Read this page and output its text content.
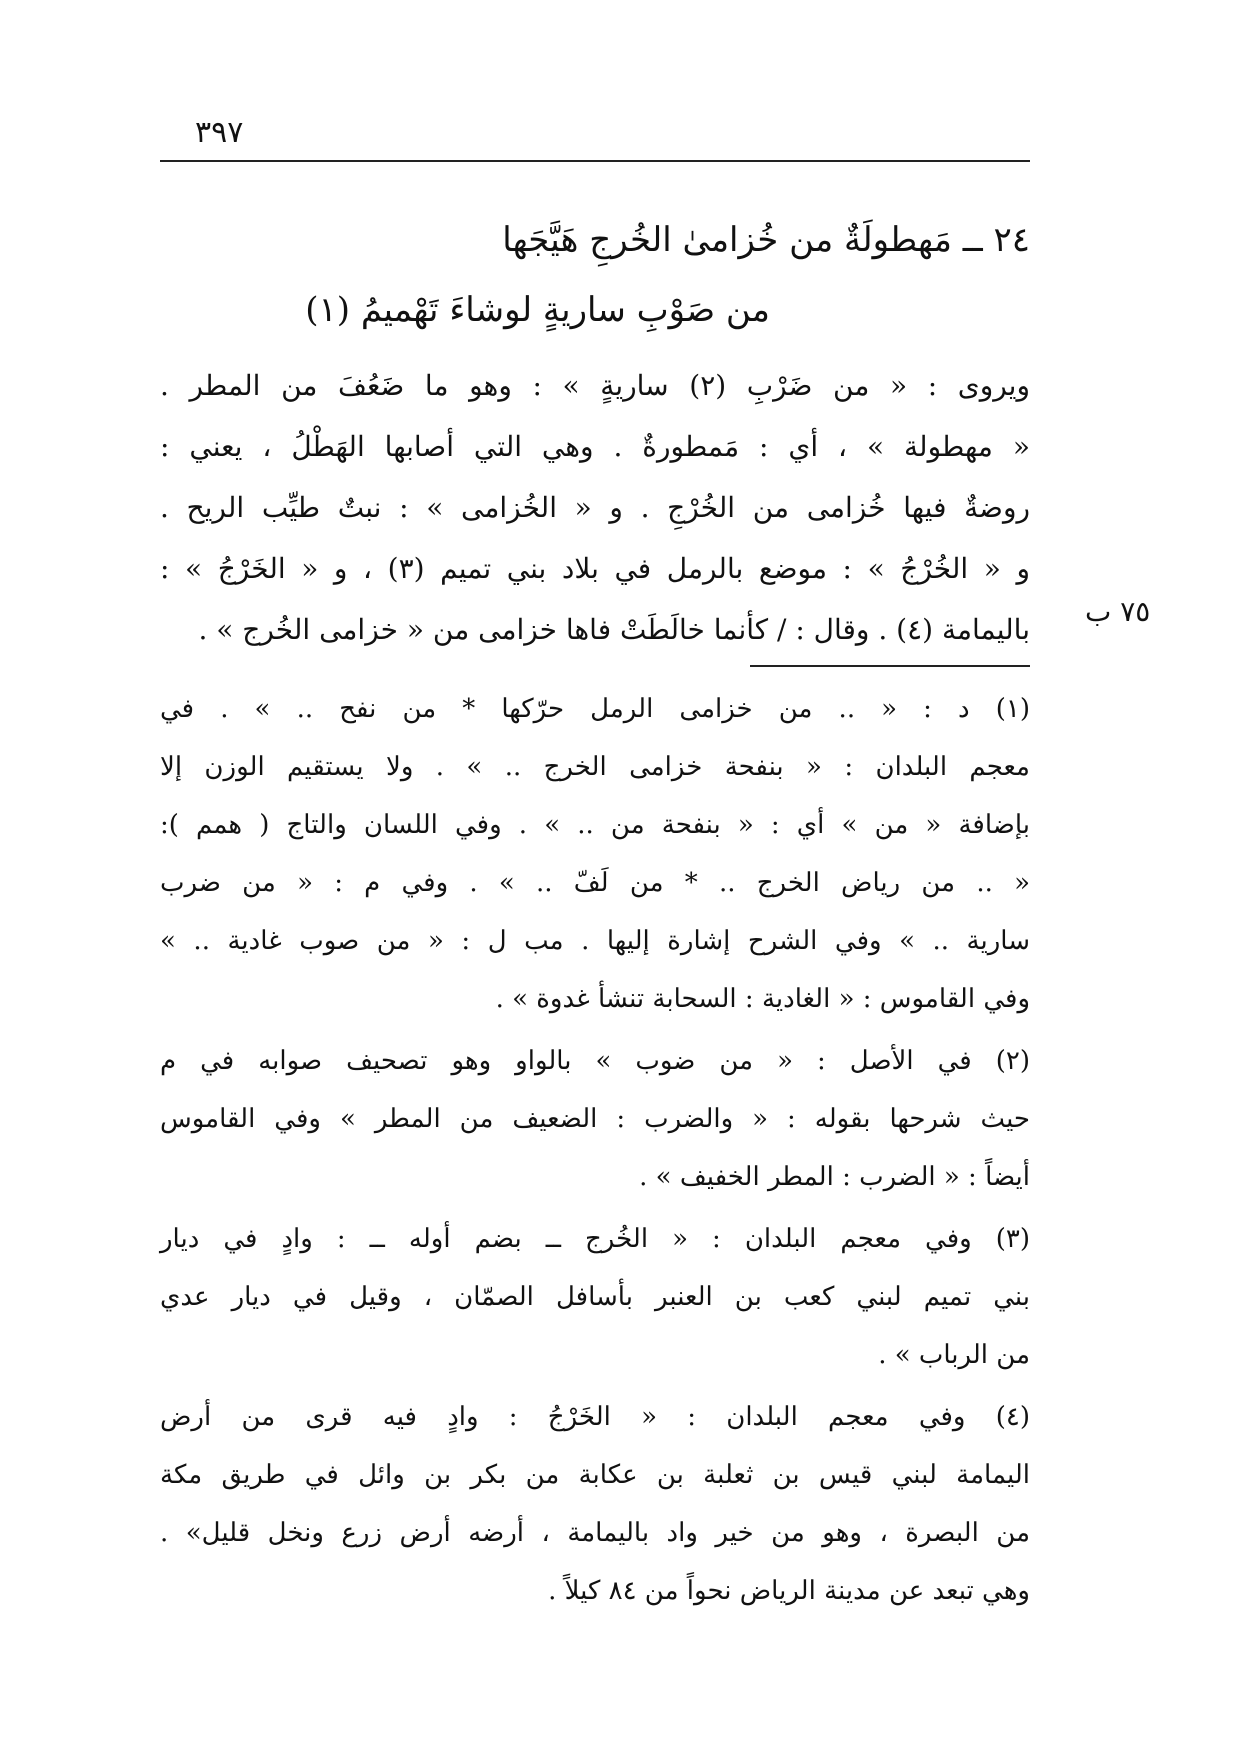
٣٩٧
٢٤ ــ مَهطولَةٌ من خُزامىٰ الخُرجِ هَيَّجَها
من صَوْبِ ساريةٍ لوشاءَ تَهْميمُ (١)
ويروى : « من ضَرْبِ (٢) ساريةٍ » : وهو ما ضَعُفَ من المطر .
« مهطولة » ، أي : مَمطورةٌ . وهي التي أصابها الهَطْلُ ، يعني :
روضةٌ فيها خُزامى من الخُرْجِ . و « الخُزامى » : نبتٌ طيِّب الريح .
و « الخُرْجُ » : موضع بالرمل في بلاد بني تميم (٣) ، و « الخَرْجُ » :
باليمامة (٤) . وقال : / كأنما خالَطَتْ فاها خزامى من « خزامى الخُرج » .
٧٥ ب
(١) د : « .. من خزامى الرمل حرّكها * من نفح .. » . في
معجم البلدان : « بنفحة خزامى الخرج .. » . ولا يستقيم الوزن إلا
بإضافة « من » أي : « بنفحة من .. » . وفي اللسان والتاج ( همم ):
« .. من رياض الخرج .. * من لَفّ .. » . وفي م : « من ضرب
سارية .. » وفي الشرح إشارة إليها . مب ل : « من صوب غادية .. »
وفي القاموس : « الغادية : السحابة تنشأ غدوة » .
(٢) في الأصل : « من ضوب » بالواو وهو تصحيف صوابه في م
حيث شرحها بقوله : « والضرب : الضعيف من المطر » وفي القاموس
أيضاً : « الضرب : المطر الخفيف » .
(٣) وفي معجم البلدان : « الخُرج ــ بضم أوله ــ : وادٍ في ديار
بني تميم لبني كعب بن العنبر بأسافل الصمّان ، وقيل في ديار عدي
من الرباب » .
(٤) وفي معجم البلدان : « الخَرْجُ : وادٍ فيه قرى من أرض
اليمامة لبني قيس بن ثعلبة بن عكابة من بكر بن وائل في طريق مكة
من البصرة ، وهو من خير واد باليمامة ، أرضه أرض زرع ونخل قليل» .
وهي تبعد عن مدينة الرياض نحواً من ٨٤ كيلاً .
